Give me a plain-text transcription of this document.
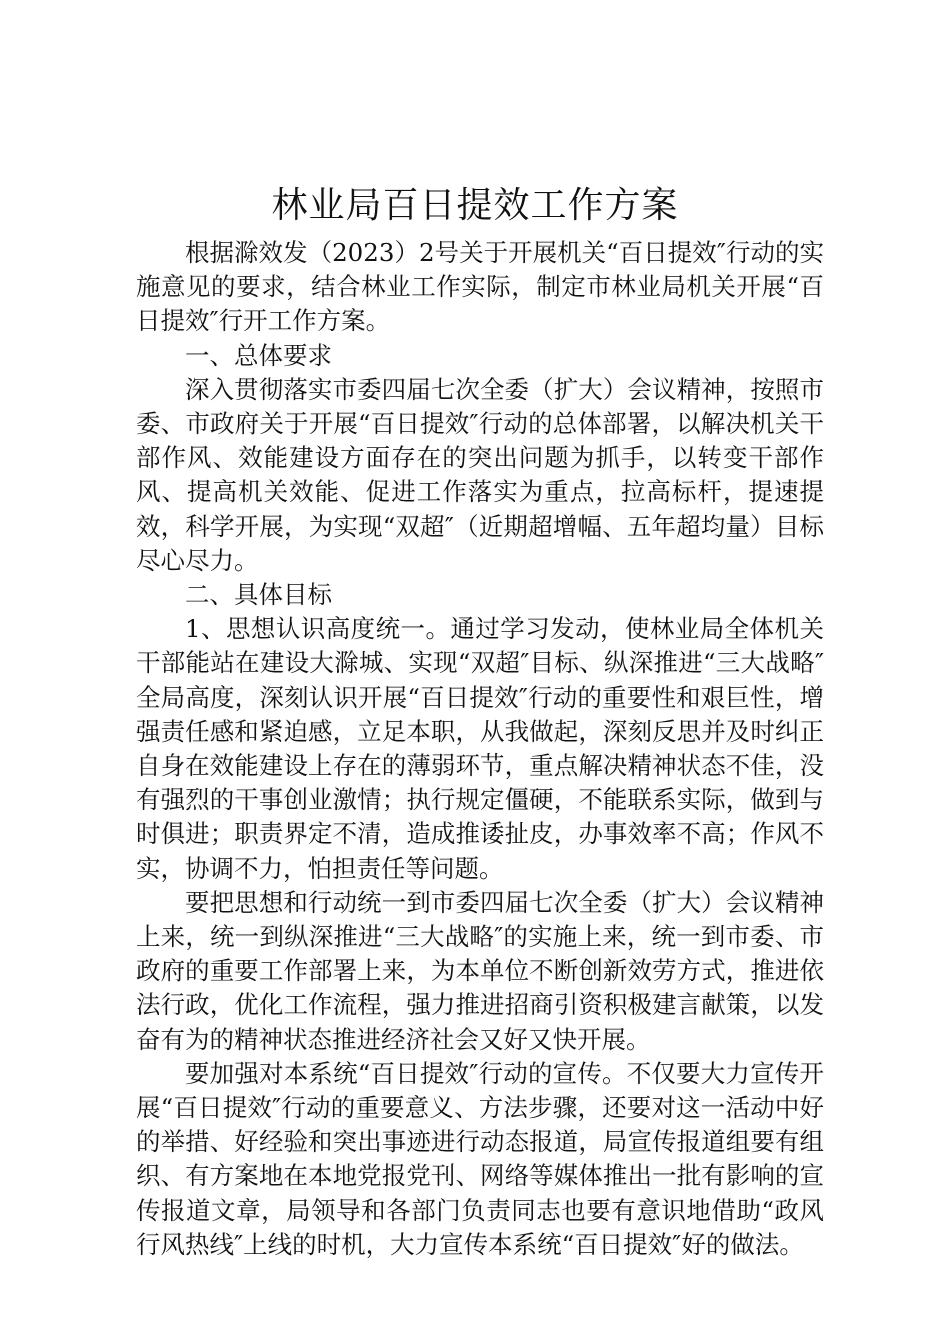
林业局百日提效工作方案

根据滁效发（2023）2号关于开展机关“百日提效″行动的实施意见的要求，结合林业工作实际，制定市林业局机关开展“百日提效″行开工作方案。

一、总体要求

深入贯彻落实市委四届七次全委（扩大）会议精神，按照市委、市政府关于开展“百日提效″行动的总体部署，以解决机关干部作风、效能建设方面存在的突出问题为抓手，以转变干部作风、提高机关效能、促进工作落实为重点，拉高标杆，提速提效，科学开展，为实现“双超″（近期超增幅、五年超均量）目标尽心尽力。

二、具体目标

1、思想认识高度统一。通过学习发动，使林业局全体机关干部能站在建设大滁城、实现“双超″目标、纵深推进“三大战略″全局高度，深刻认识开展“百日提效″行动的重要性和艰巨性，增强责任感和紧迫感，立足本职，从我做起，深刻反思并及时纠正自身在效能建设上存在的薄弱环节，重点解决精神状态不佳，没有强烈的干事创业激情；执行规定僵硬，不能联系实际，做到与时俱进；职责界定不清，造成推诿扯皮，办事效率不高；作风不实，协调不力，怕担责任等问题。

要把思想和行动统一到市委四届七次全委（扩大）会议精神上来，统一到纵深推进“三大战略″的实施上来，统一到市委、市政府的重要工作部署上来，为本单位不断创新效劳方式，推进依法行政，优化工作流程，强力推进招商引资积极建言献策，以发奋有为的精神状态推进经济社会又好又快开展。

要加强对本系统“百日提效″行动的宣传。不仅要大力宣传开展“百日提效″行动的重要意义、方法步骤，还要对这一活动中好的举措、好经验和突出事迹进行动态报道，局宣传报道组要有组织、有方案地在本地党报党刊、网络等媒体推出一批有影响的宣传报道文章，局领导和各部门负责同志也要有意识地借助“政风行风热线″上线的时机，大力宣传本系统“百日提效″好的做法。
